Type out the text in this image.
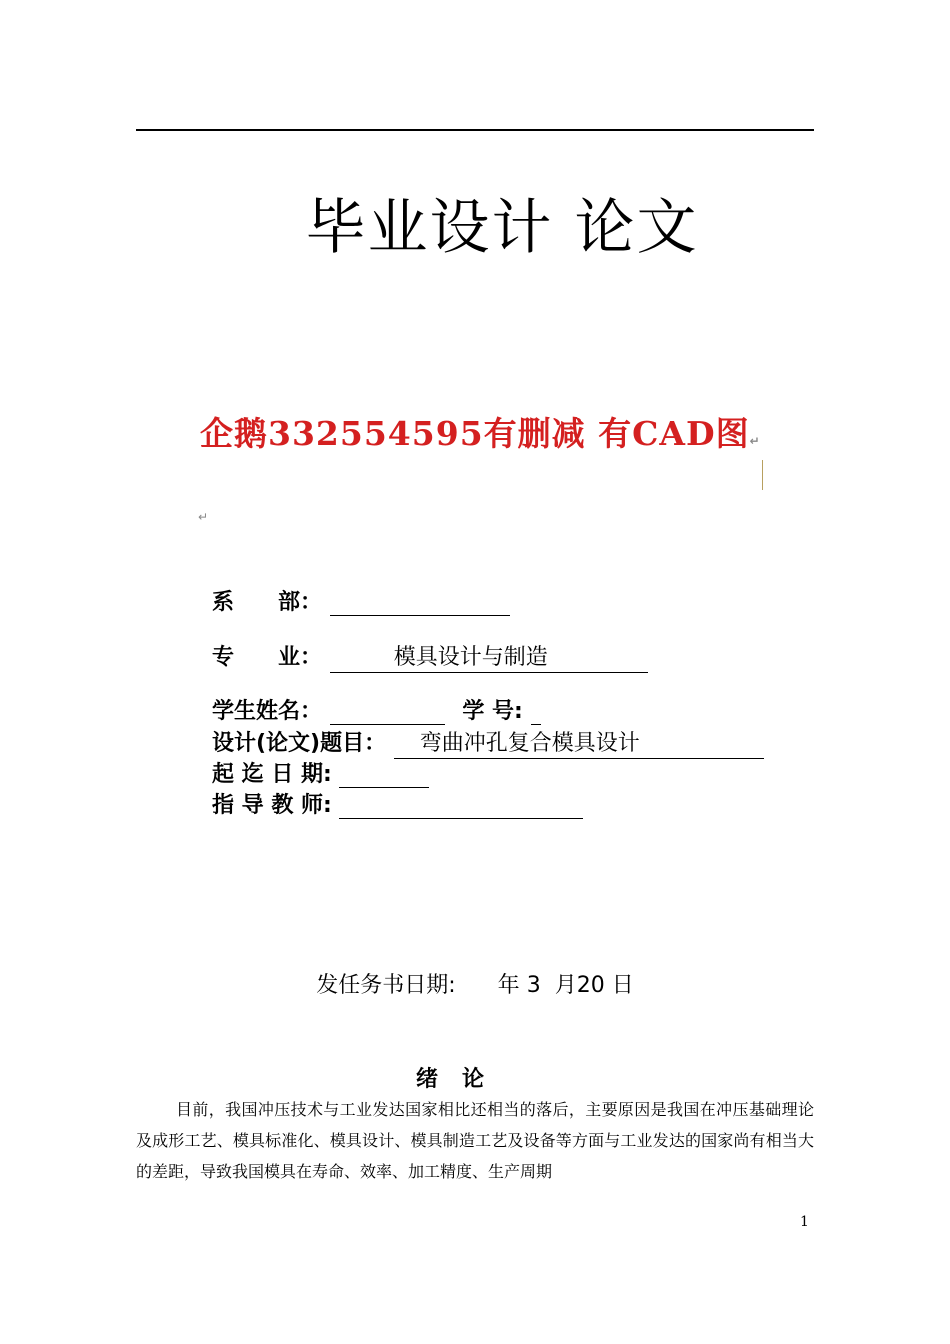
毕业设计 论文
企鹅332554595有删减 有CAD图↵
↵
系　　部：
专　　业：	模具设计与制造
学生姓名：	学 号:
设计(论文)题目： 弯曲冲孔复合模具设计
起 迄 日 期:
指 导 教 师:
发任务书日期: 年 3 月20 日
绪论

目前，我国冲压技术与工业发达国家相比还相当的落后，主要原因是我国在冲压基础理论及成形工艺、模具标准化、模具设计、模具制造工艺及设备等方面与工业发达的国家尚有相当大的差距，导致我国模具在寿命、效率、加工精度、生产周期

1
